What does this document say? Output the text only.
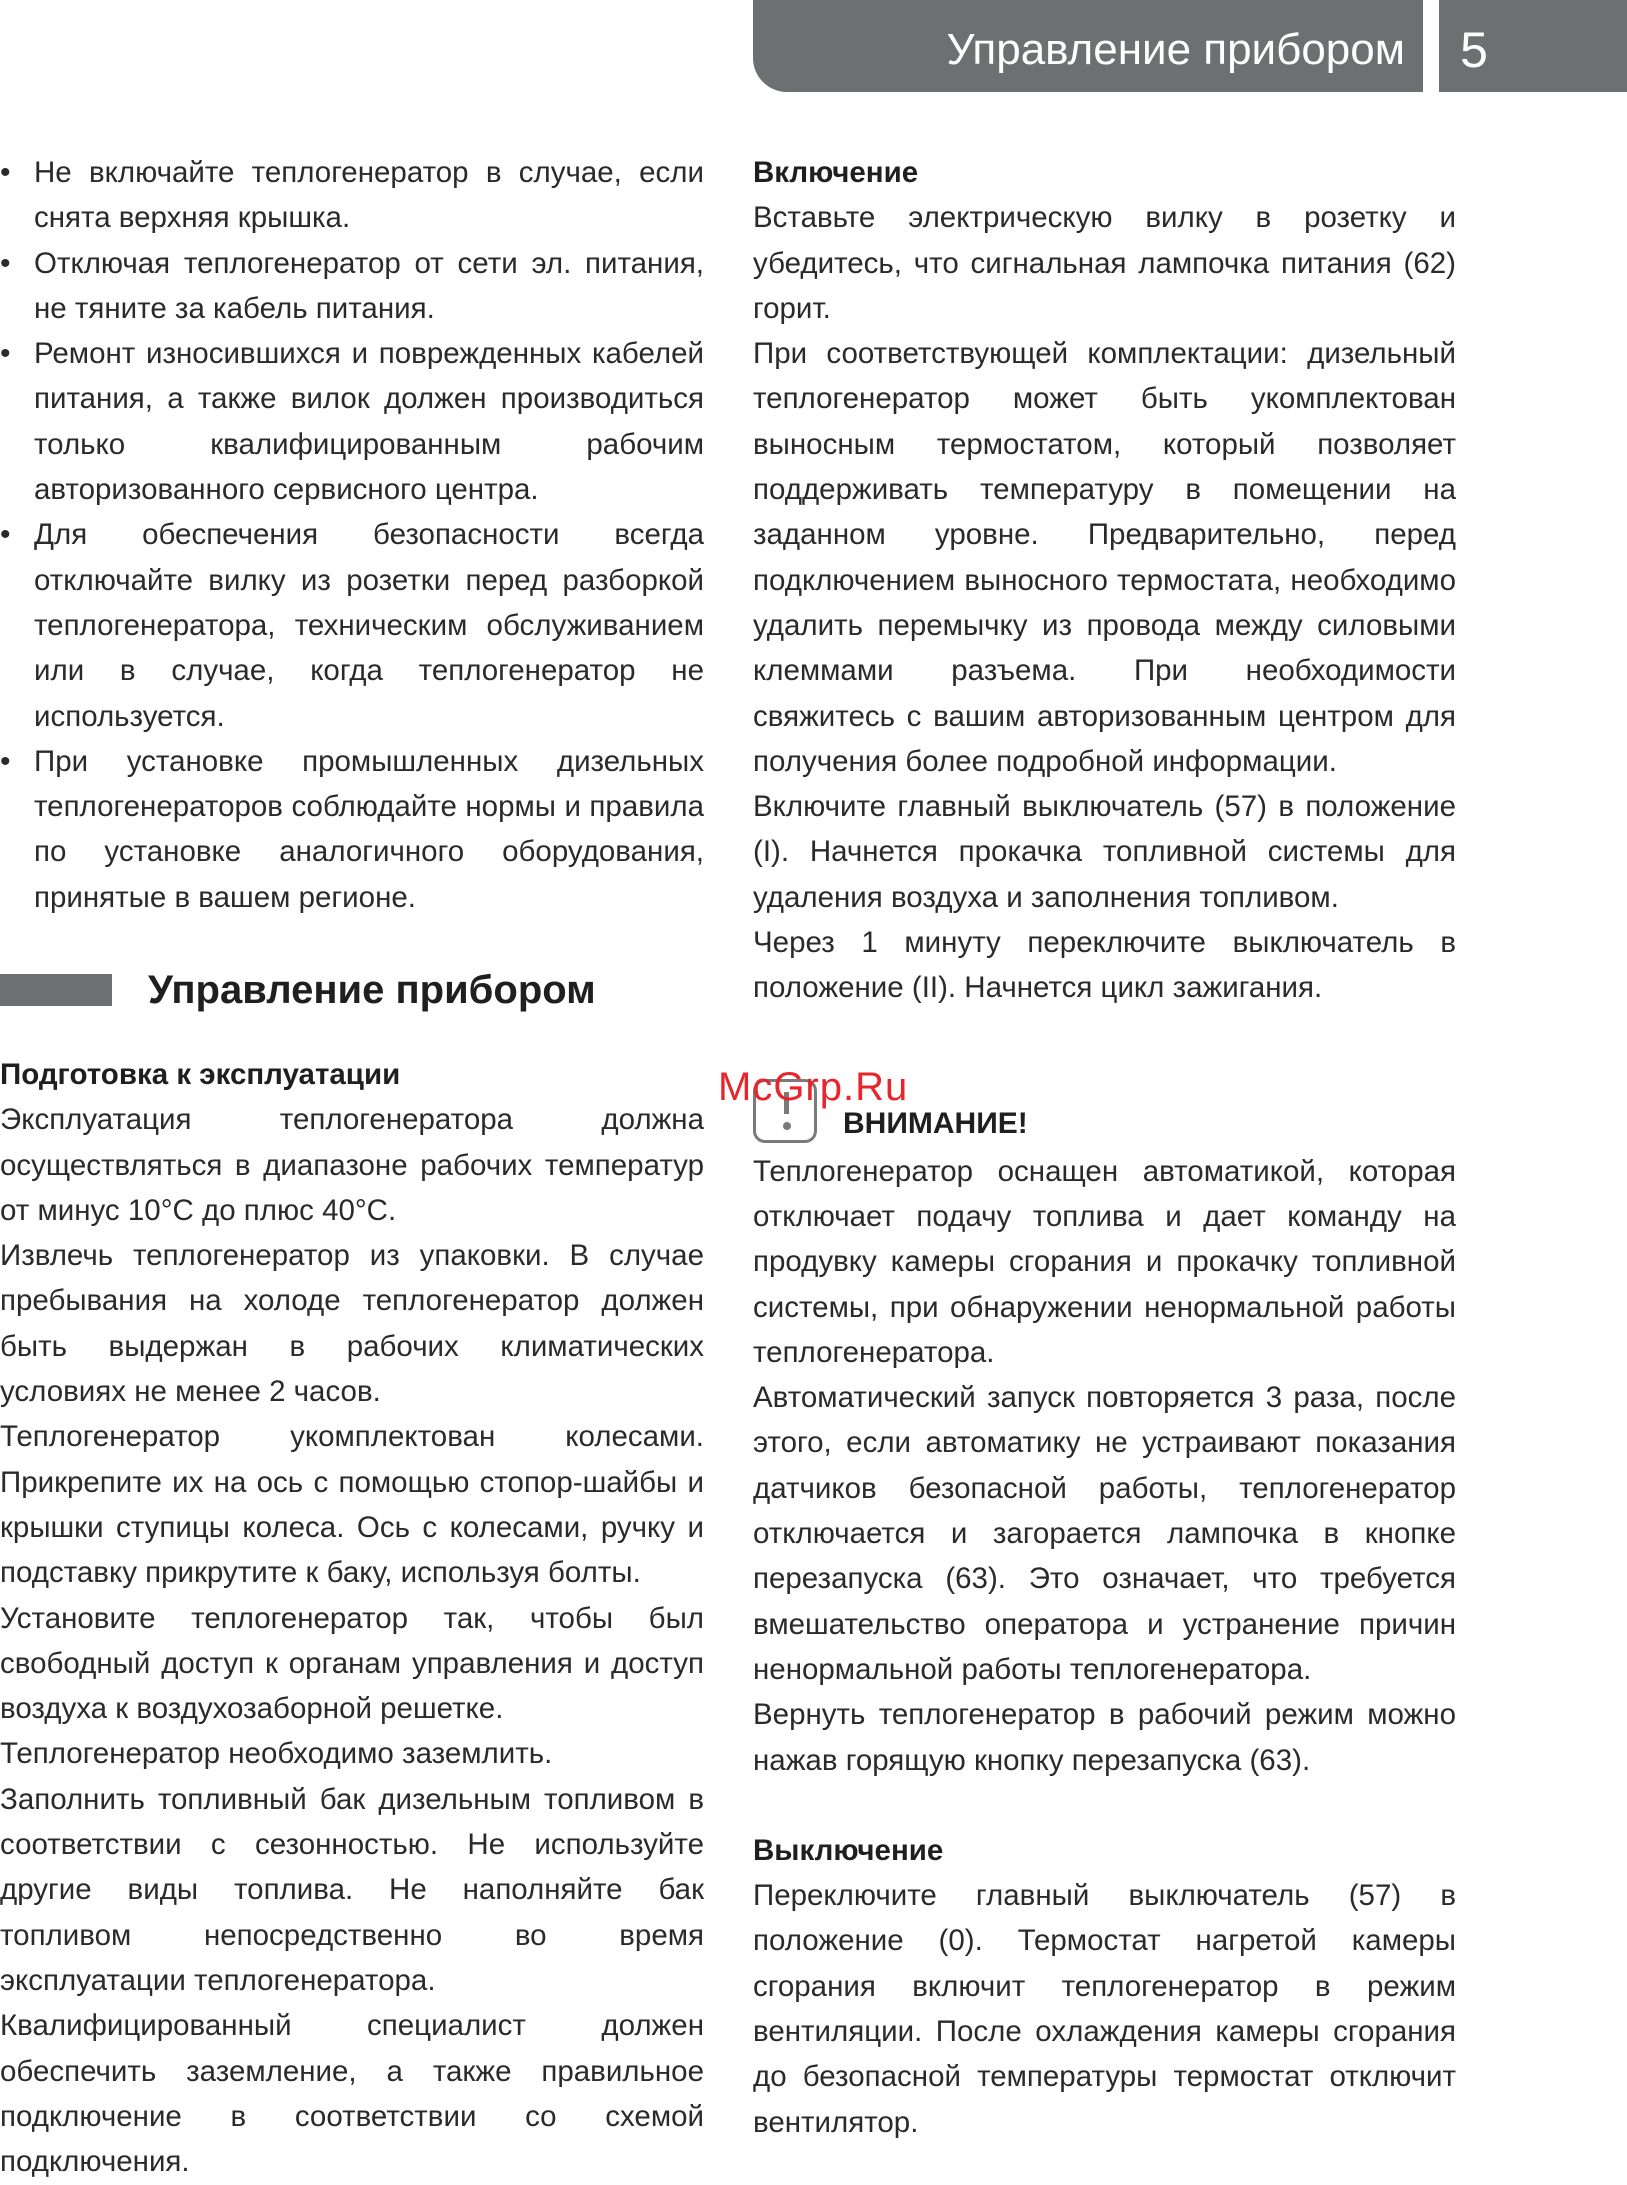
Управление прибором	5
• Не включайте теплогенератор в случае, если снята верхняя крышка.
• Отключая теплогенератор от сети эл. питания, не тяните за кабель питания.
• Ремонт износившихся и поврежденных кабелей питания, а также вилок должен производиться только квалифицированным рабочим авторизованного сервисного центра.
• Для обеспечения безопасности всегда отключайте вилку из розетки перед разборкой теплогенератора, техническим обслуживанием или в случае, когда теплогенератор не используется.
• При установке промышленных дизельных теплогенераторов соблюдайте нормы и правила по установке аналогичного оборудования, принятые в вашем регионе.
Управление прибором

Подготовка к эксплуатации

Эксплуатация теплогенератора должна осуществляться в диапазоне рабочих температур от минус 10°С до плюс 40°С.

Извлечь теплогенератор из упаковки. В случае пребывания на холоде теплогенератор должен быть выдержан в рабочих климатических условиях не менее 2 часов.

Теплогенератор укомплектован колесами. Прикрепите их на ось с помощью стопор-шайбы и крышки ступицы колеса. Ось с колесами, ручку и подставку прикрутите к баку, используя болты.

Установите теплогенератор так, чтобы был свободный доступ к органам управления и доступ воздуха к воздухозаборной решетке.

Теплогенератор необходимо заземлить.

Заполнить топливный бак дизельным топливом в соответствии с сезонностью. Не используйте другие виды топлива. Не наполняйте бак топливом непосредственно во время эксплуатации теплогенератора.

Квалифицированный специалист должен обеспечить заземление, а также правильное подключение в соответствии со схемой подключения.

Включение

Вставьте электрическую вилку в розетку и убедитесь, что сигнальная лампочка питания (62) горит.

При соответствующей комплектации: дизельный теплогенератор может быть укомплектован выносным термостатом, который позволяет поддерживать температуру в помещении на заданном уровне. Предварительно, перед подключением выносного термостата, необходимо удалить перемычку из провода между силовыми клеммами разъема. При необходимости свяжитесь с вашим авторизованным центром для получения более подробной информации.

Включите главный выключатель (57) в положение (I). Начнется прокачка топливной системы для удаления воздуха и заполнения топливом.

Через 1 минуту переключите выключатель в положение (II). Начнется цикл зажигания.

ВНИМАНИЕ!

Теплогенератор оснащен автоматикой, которая отключает подачу топлива и дает команду на продувку камеры сгорания и прокачку топливной системы, при обнаружении ненормальной работы теплогенератора.

Автоматический запуск повторяется 3 раза, после этого, если автоматику не устраивают показания датчиков безопасной работы, теплогенератор отключается и загорается лампочка в кнопке перезапуска (63). Это означает, что требуется вмешательство оператора и устранение причин ненормальной работы теплогенератора.

Вернуть теплогенератор в рабочий режим можно нажав горящую кнопку перезапуска (63).

Выключение

Переключите главный выключатель (57) в положение (0). Термостат нагретой камеры сгорания включит теплогенератор в режим вентиляции. После охлаждения камеры сгорания до безопасной температуры термостат отключит вентилятор.

McGrp.Ru
